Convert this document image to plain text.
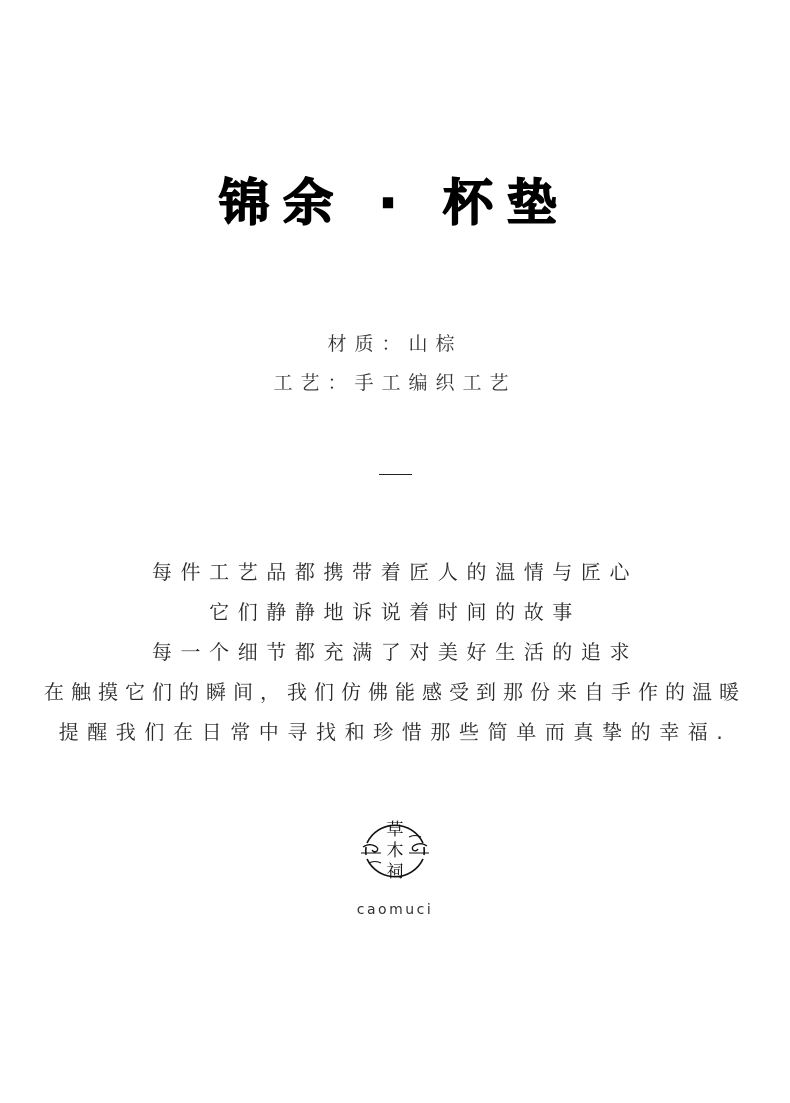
锦余 · 杯垫
材质：山棕
工艺：手工编织工艺
每件工艺品都携带着匠人的温情与匠心
它们静静地诉说着时间的故事
每一个细节都充满了对美好生活的追求
在触摸它们的瞬间，我们仿佛能感受到那份来自手作的温暖
提醒我们在日常中寻找和珍惜那些简单而真挚的幸福.
草
木
祠
caomuci
